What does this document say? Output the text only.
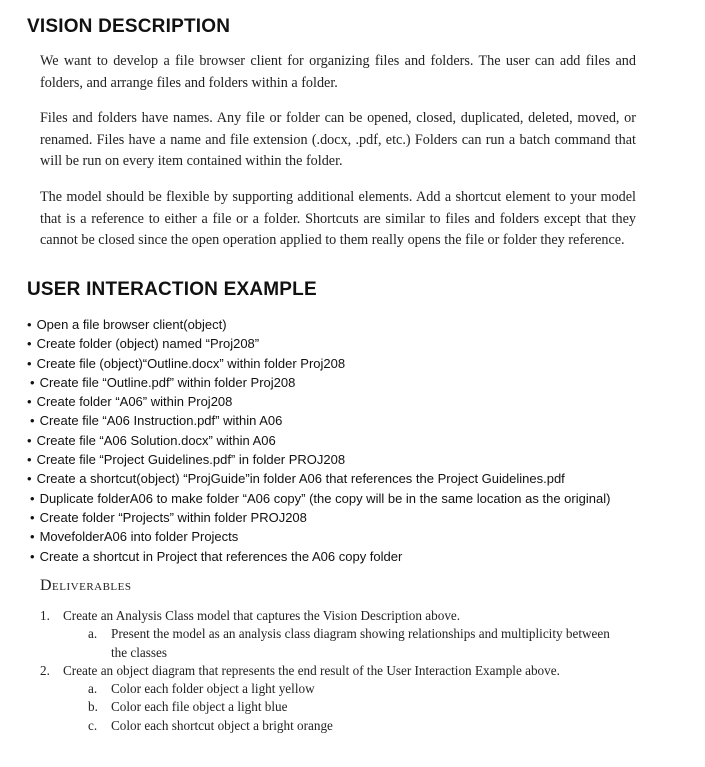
VISION DESCRIPTION

We want to develop a file browser client for organizing files and folders. The user can add files and folders, and arrange files and folders within a folder.

Files and folders have names. Any file or folder can be opened, closed, duplicated, deleted, moved, or renamed. Files have a name and file extension (.docx, .pdf, etc.) Folders can run a batch command that will be run on every item contained within the folder.

The model should be flexible by supporting additional elements. Add a shortcut element to your model that is a reference to either a file or a folder. Shortcuts are similar to files and folders except that they cannot be closed since the open operation applied to them really opens the file or folder they reference.

USER INTERACTION EXAMPLE
• Open a file browser client(object)
• Create folder (object) named “Proj208”
• Create file (object)“Outline.docx” within folder Proj208
• Create file “Outline.pdf” within folder Proj208
• Create folder “A06” within Proj208
• Create file “A06 Instruction.pdf” within A06
• Create file “A06 Solution.docx” within A06
• Create file “Project Guidelines.pdf” in folder PROJ208
• Create a shortcut(object) “ProjGuide”in folder A06 that references the Project Guidelines.pdf
• Duplicate folderA06 to make folder “A06 copy” (the copy will be in the same location as the original)
• Create folder “Projects” within folder PROJ208
• MovefolderA06 into folder Projects
• Create a shortcut in Project that references the A06 copy folder
Deliverables
1. Create an Analysis Class model that captures the Vision Description above.
a. Present the model as an analysis class diagram showing relationships and multiplicity between the classes
2. Create an object diagram that represents the end result of the User Interaction Example above.
a. Color each folder object a light yellow
b. Color each file object a light blue
c. Color each shortcut object a bright orange
